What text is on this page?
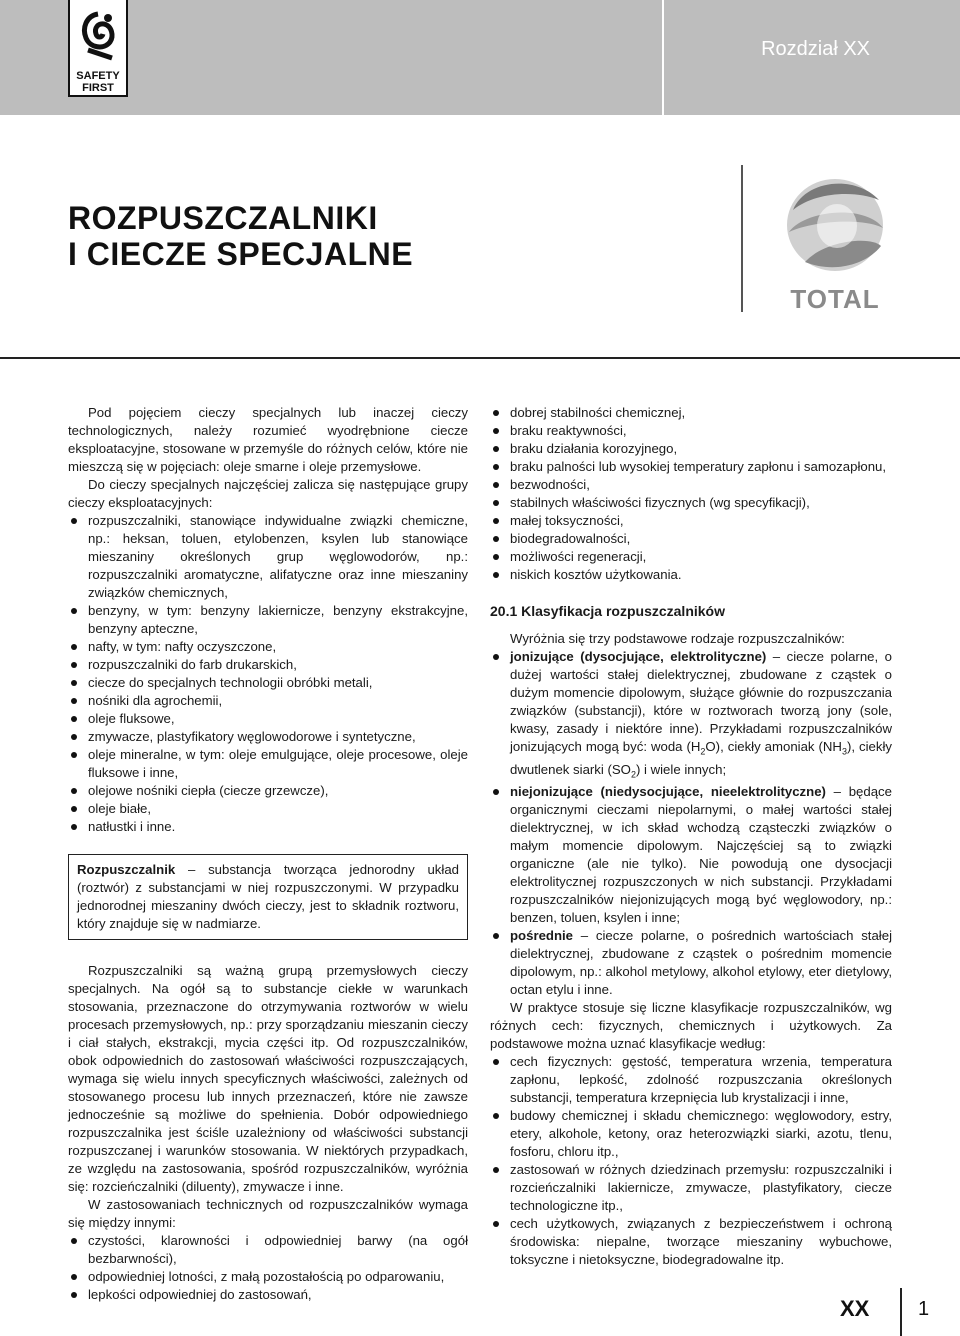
Rozdział XX
SAFETY
FIRST
ROZPUSZCZALNIKI
I CIECZE SPECJALNE
TOTAL

Pod pojęciem cieczy specjalnych lub inaczej cieczy technologicznych, należy rozumieć wyodrębnione ciecze eksploatacyjne, stosowane w przemyśle do różnych celów, które nie mieszczą się w pojęciach: oleje smarne i oleje przemysłowe.

Do cieczy specjalnych najczęściej zalicza się następujące grupy cieczy eksploatacyjnych:

rozpuszczalniki, stanowiące indywidualne związki chemiczne, np.: heksan, toluen, etylobenzen, ksylen lub stanowiące mieszaniny określonych grup węglowodorów, np.: rozpuszczalniki aromatyczne, alifatyczne oraz inne mieszaniny związków chemicznych,
benzyny, w tym: benzyny lakiernicze, benzyny ekstrakcyjne, benzyny apteczne,
nafty, w tym: nafty oczyszczone,
rozpuszczalniki do farb drukarskich,
ciecze do specjalnych technologii obróbki metali,
nośniki dla agrochemii,
oleje fluksowe,
zmywacze, plastyfikatory węglowodorowe i syntetyczne,
oleje mineralne, w tym: oleje emulgujące, oleje procesowe, oleje fluksowe i inne,
olejowe nośniki ciepła (ciecze grzewcze),
oleje białe,
natłustki i inne.

Rozpuszczalnik – substancja tworząca jednorodny układ (roztwór) z substancjami w niej rozpuszczonymi. W przypadku jednorodnej mieszaniny dwóch cieczy, jest to składnik roztworu, który znajduje się w nadmiarze.

Rozpuszczalniki są ważną grupą przemysłowych cieczy specjalnych. Na ogół są to substancje ciekłe w warunkach stosowania, przeznaczone do otrzymywania roztworów w wielu procesach przemysłowych, np.: przy sporządzaniu mieszanin cieczy i ciał stałych, ekstrakcji, mycia części itp. Od rozpuszczalników, obok odpowiednich do zastosowań właściwości rozpuszczających, wymaga się wielu innych specyficznych właściwości, zależnych od stosowanego procesu lub innych przeznaczeń, które nie zawsze jednocześnie są możliwe do spełnienia. Dobór odpowiedniego rozpuszczalnika jest ściśle uzależniony od właściwości substancji rozpuszczanej i warunków stosowania. W niektórych przypadkach, ze względu na zastosowania, spośród rozpuszczalników, wyróżnia się: rozcieńczalniki (diluenty), zmywacze i inne.

W zastosowaniach technicznych od rozpuszczalników wymaga się między innymi:

czystości, klarowności i odpowiedniej barwy (na ogół bezbarwności),
odpowiedniej lotności, z małą pozostałością po odparowaniu,
lepkości odpowiedniej do zastosowań,
dobrej stabilności chemicznej,
braku reaktywności,
braku działania korozyjnego,
braku palności lub wysokiej temperatury zapłonu i samozapłonu,
bezwodności,
stabilnych właściwości fizycznych (wg specyfikacji),
małej toksyczności,
biodegradowalności,
możliwości regeneracji,
niskich kosztów użytkowania.
20.1 Klasyfikacja rozpuszczalników

Wyróżnia się trzy podstawowe rodzaje rozpuszczalników:

jonizujące (dysocjujące, elektrolityczne) – ciecze polarne, o dużej wartości stałej dielektrycznej, zbudowane z cząstek o dużym momencie dipolowym, służące głównie do rozpuszczania związków (substancji), które w roztworach tworzą jony (sole, kwasy, zasady i niektóre inne). Przykładami rozpuszczalników jonizujących mogą być: woda $(H_2O)$, ciekły amoniak $(NH_3)$, ciekły dwutlenek siarki $(SO_2)$ i wiele innych;
niejonizujące (niedysocjujące, nieelektrolityczne) – będące organicznymi cieczami niepolarnymi, o małej wartości stałej dielektrycznej, w ich skład wchodzą cząsteczki związków o małym momencie dipolowym. Najczęściej są to związki organiczne (ale nie tylko). Nie powodują one dysocjacji elektrolitycznej rozpuszczonych w nich substancji. Przykładami rozpuszczalników niejonizujących mogą być węglowodory, np.: benzen, toluen, ksylen i inne;
pośrednie – ciecze polarne, o pośrednich wartościach stałej dielektrycznej, zbudowane z cząstek o pośrednim momencie dipolowym, np.: alkohol metylowy, alkohol etylowy, eter dietylowy, octan etylu i inne.

W praktyce stosuje się liczne klasyfikacje rozpuszczalników, wg różnych cech: fizycznych, chemicznych i użytkowych. Za podstawowe można uznać klasyfikacje według:

cech fizycznych: gęstość, temperatura wrzenia, temperatura zapłonu, lepkość, zdolność rozpuszczania określonych substancji, temperatura krzepnięcia lub krystalizacji i inne,
budowy chemicznej i składu chemicznego: węglowodory, estry, etery, alkohole, ketony, oraz heterozwiązki siarki, azotu, tlenu, fosforu, chloru itp.,
zastosowań w różnych dziedzinach przemysłu: rozpuszczalniki i rozcieńczalniki lakiernicze, zmywacze, plastyfikatory, ciecze technologiczne itp.,
cech użytkowych, związanych z bezpieczeństwem i ochroną środowiska: niepalne, tworzące mieszaniny wybuchowe, toksyczne i nietoksyczne, biodegradowalne itp.
XX 1
